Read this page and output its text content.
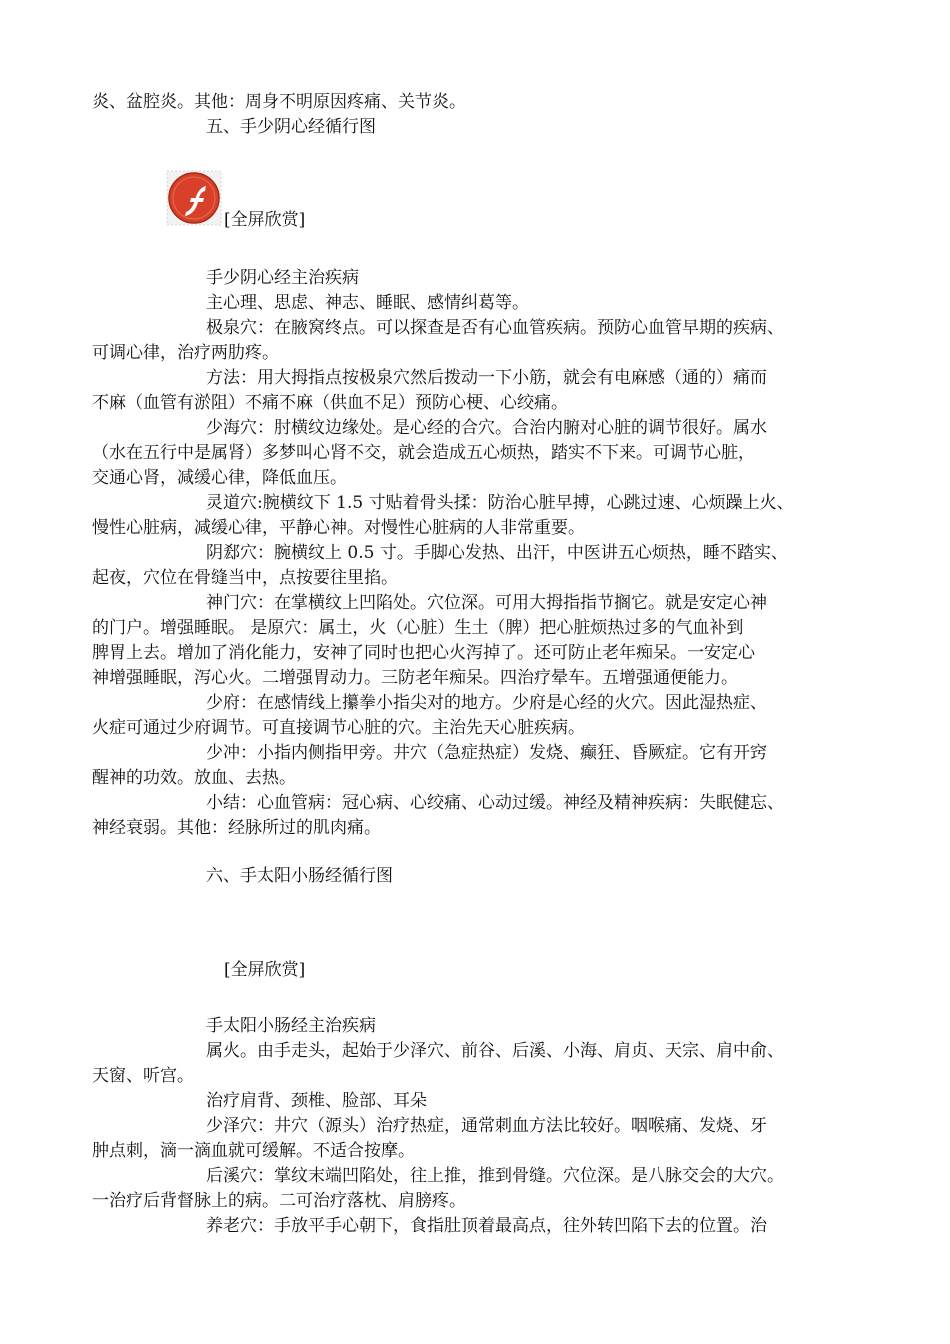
炎、盆腔炎。其他：周身不明原因疼痛、关节炎。
五、手少阴心经循行图
[全屏欣赏]
手少阴心经主治疾病
主心理、思虑、神志、睡眠、感情纠葛等。
极泉穴：在腋窝终点。可以探查是否有心血管疾病。预防心血管早期的疾病、
可调心律，治疗两肋疼。
方法：用大拇指点按极泉穴然后拨动一下小筋，就会有电麻感（通的）痛而
不麻（血管有淤阻）不痛不麻（供血不足）预防心梗、心绞痛。
少海穴：肘横纹边缘处。是心经的合穴。合治内腑对心脏的调节很好。属水
（水在五行中是属肾）多梦叫心肾不交，就会造成五心烦热，踏实不下来。可调节心脏，
交通心肾，减缓心律，降低血压。
灵道穴:腕横纹下 1.5 寸贴着骨头揉：防治心脏早搏，心跳过速、心烦躁上火、
慢性心脏病，减缓心律，平静心神。对慢性心脏病的人非常重要。
阴郄穴：腕横纹上 0.5 寸。手脚心发热、出汗，中医讲五心烦热，睡不踏实、
起夜，穴位在骨缝当中，点按要往里掐。
神门穴：在掌横纹上凹陷处。穴位深。可用大拇指指节搁它。就是安定心神
的门户。增强睡眠。 是原穴：属土，火（心脏）生土（脾）把心脏烦热过多的气血补到
脾胃上去。增加了消化能力，安神了同时也把心火泻掉了。还可防止老年痴呆。一安定心
神增强睡眠，泻心火。二增强胃动力。三防老年痴呆。四治疗晕车。五增强通便能力。
少府：在感情线上攥拳小指尖对的地方。少府是心经的火穴。因此湿热症、
火症可通过少府调节。可直接调节心脏的穴。主治先天心脏疾病。
少冲：小指内侧指甲旁。井穴（急症热症）发烧、癫狂、昏厥症。它有开窍
醒神的功效。放血、去热。
小结：心血管病：冠心病、心绞痛、心动过缓。神经及精神疾病：失眠健忘、
神经衰弱。其他：经脉所过的肌肉痛。
六、手太阳小肠经循行图
[全屏欣赏]
手太阳小肠经主治疾病
属火。由手走头，起始于少泽穴、前谷、后溪、小海、肩贞、天宗、肩中俞、
天窗、听宫。
治疗肩背、颈椎、脸部、耳朵
少泽穴：井穴（源头）治疗热症，通常刺血方法比较好。咽喉痛、发烧、牙
肿点刺，滴一滴血就可缓解。不适合按摩。
后溪穴：掌纹末端凹陷处，往上推，推到骨缝。穴位深。是八脉交会的大穴。
一治疗后背督脉上的病。二可治疗落枕、肩膀疼。
养老穴：手放平手心朝下，食指肚顶着最高点，往外转凹陷下去的位置。治
